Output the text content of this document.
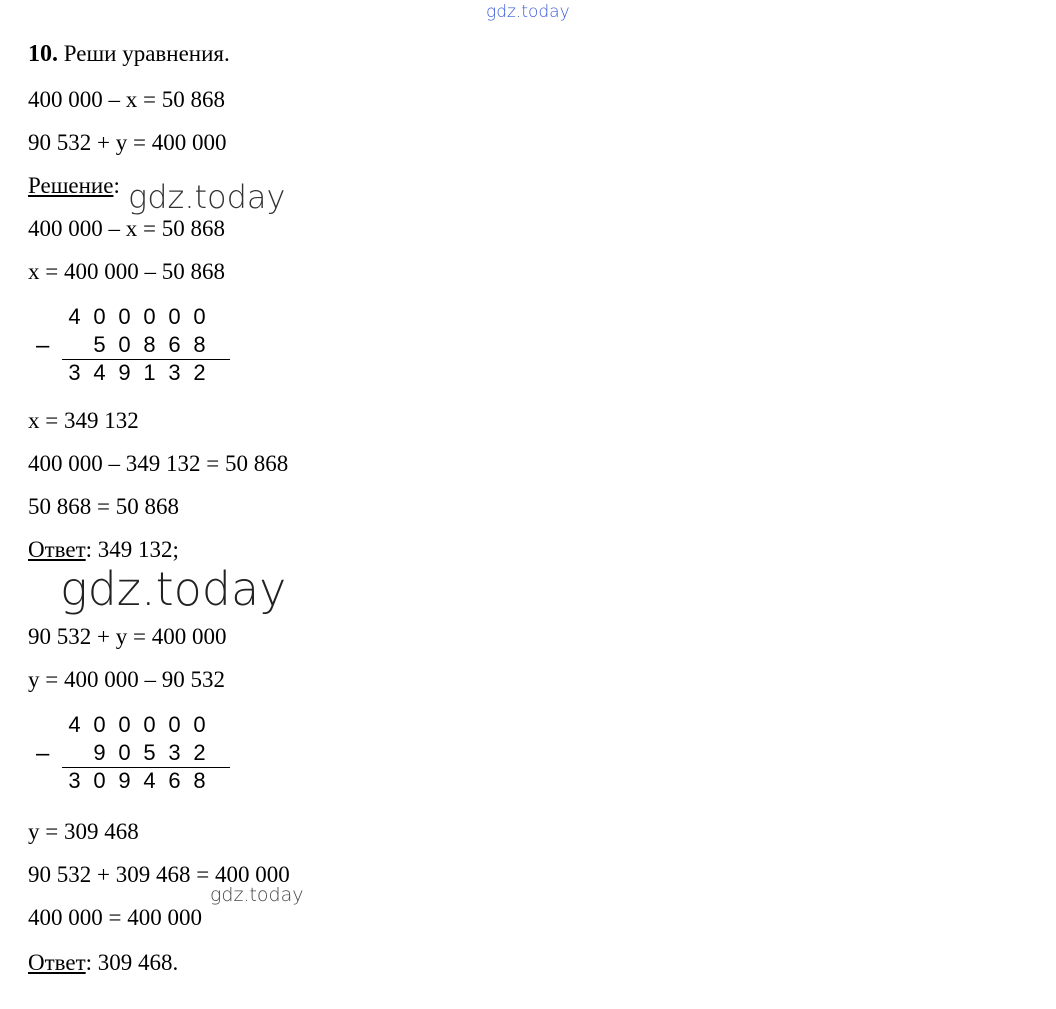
gdz.today
10. Реши уравнения.
400 000 – x = 50 868
90 532 + y = 400 000
Решение: gdz.today
400 000 – x = 50 868
x = 400 000 – 50 868
4 0 0 0 0 0
5 0 8 6 8
3 4 9 1 3 2
–
x = 349 132
400 000 – 349 132 = 50 868
50 868 = 50 868
Ответ: 349 132;
gdz.today
90 532 + y = 400 000
y = 400 000 – 90 532
4 0 0 0 0 0
9 0 5 3 2
3 0 9 4 6 8
–
y = 309 468
90 532 + 309 468 = 400 000
gdz.today
400 000 = 400 000
Ответ: 309 468.
